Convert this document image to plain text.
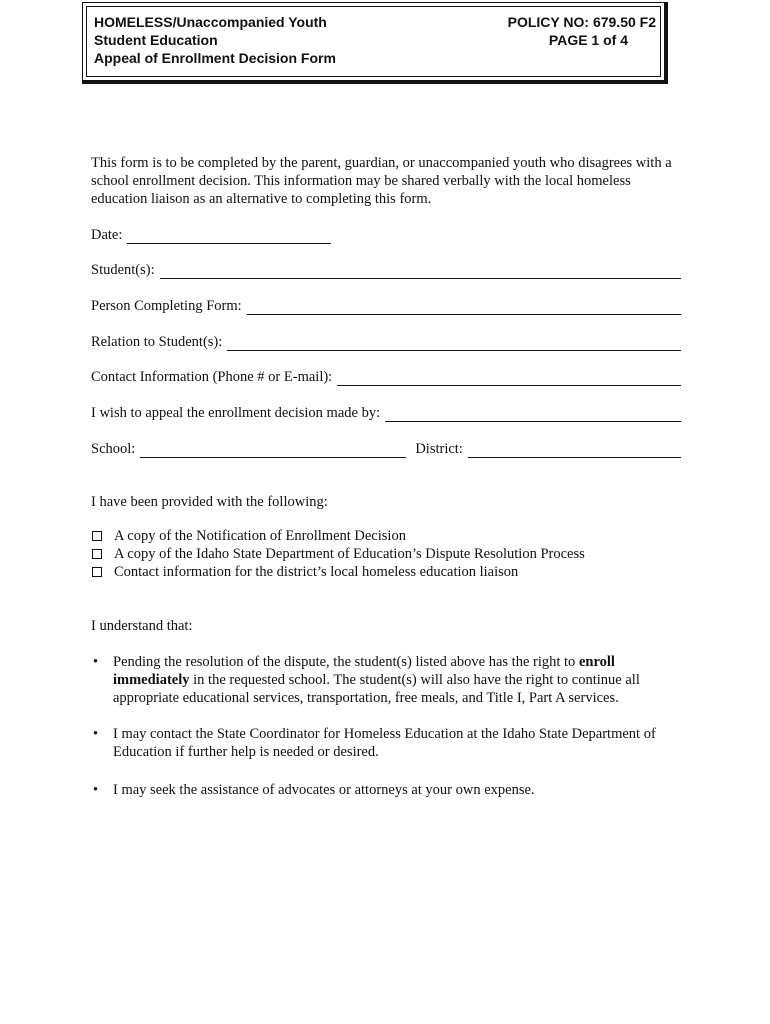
HOMELESS/Unaccompanied Youth
Student Education
Appeal of Enrollment Decision Form
POLICY NO: 679.50 F2
PAGE 1 of 4
This form is to be completed by the parent, guardian, or unaccompanied youth who disagrees with a school enrollment decision. This information may be shared verbally with the local homeless education liaison as an alternative to completing this form.
Date:
Student(s):
Person Completing Form:
Relation to Student(s):
Contact Information (Phone # or E-mail):
I wish to appeal the enrollment decision made by:
School:	District:
I have been provided with the following:
A copy of the Notification of Enrollment Decision
A copy of the Idaho State Department of Education’s Dispute Resolution Process
Contact information for the district’s local homeless education liaison
I understand that:
• Pending the resolution of the dispute, the student(s) listed above has the right to enroll immediately in the requested school. The student(s) will also have the right to continue all appropriate educational services, transportation, free meals, and Title I, Part A services.
• I may contact the State Coordinator for Homeless Education at the Idaho State Department of Education if further help is needed or desired.
• I may seek the assistance of advocates or attorneys at your own expense.
